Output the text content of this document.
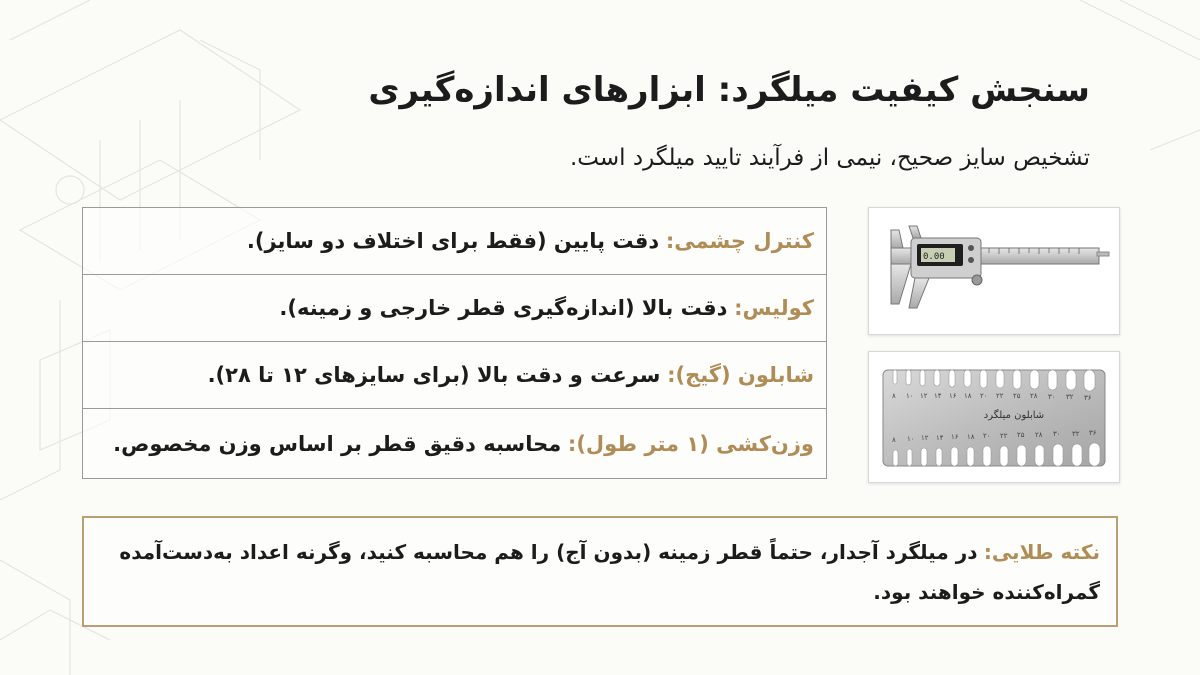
سنجش کیفیت میلگرد: ابزارهای اندازه‌گیری

تشخیص سایز صحیح، نیمی از فرآیند تایید میلگرد است.

کنترل چشمی:

دقت پایین (فقط برای اختلاف دو سایز).
کولیس:

دقت بالا (اندازه‌گیری قطر خارجی و زمینه).
شابلون (گیج):

سرعت و دقت بالا (برای سایزهای ۱۲ تا ۲۸).
وزن‌کشی (۱ متر طول):

محاسبه دقیق قطر بر اساس وزن مخصوص.
0.00
۸ ۱۰ ۱۲ ۱۴ ۱۶ ۱۸ ۲۰ ۲۲ ۲۵ ۲۸ ۳۰ ۳۲ ۳۶
۸ ۱۰ ۱۲ ۱۴ ۱۶ ۱۸ ۲۰ ۲۲ ۲۵ ۲۸ ۳۰ ۳۲ ۳۶
شابلون میلگرد
نکته طلایی: در میلگرد آجدار، حتماً قطر زمینه (بدون آج) را هم محاسبه کنید، وگرنه اعداد به‌دست‌آمده گمراه‌کننده خواهند بود.
